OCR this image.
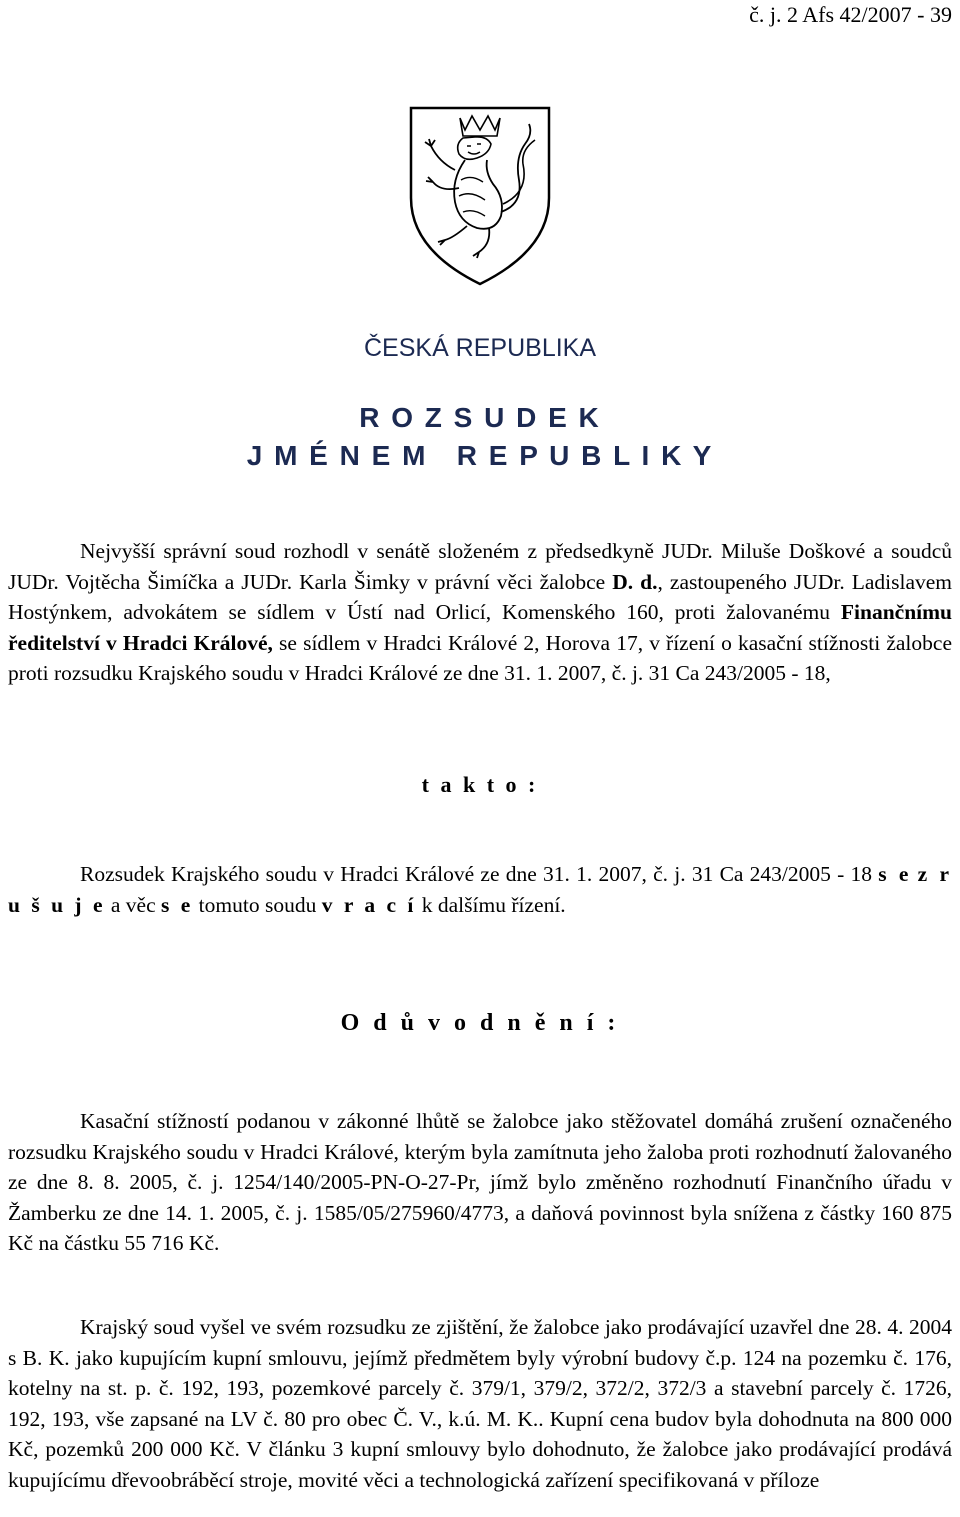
č. j. 2 Afs 42/2007 - 39
ČESKÁ REPUBLIKA
R O Z S U D E K
J M É N E M   R E P U B L I K Y

Nejvyšší správní soud rozhodl v senátě složeném z předsedkyně JUDr. Miluše Doškové a soudců JUDr. Vojtěcha Šimíčka a JUDr. Karla Šimky v právní věci žalobce D. d., zastoupeného JUDr. Ladislavem Hostýnkem, advokátem se sídlem v Ústí nad Orlicí, Komenského 160, proti žalovanému Finančnímu ředitelství v Hradci Králové, se sídlem v Hradci Králové 2, Horova 17, v řízení o kasační stížnosti žalobce proti rozsudku Krajského soudu v Hradci Králové ze dne 31. 1. 2007, č. j. 31 Ca 243/2005 - 18,

t a k t o :

Rozsudek Krajského soudu v Hradci Králové ze dne 31. 1. 2007, č. j. 31 Ca 243/2005 - 18 s e z r u š u j e a věc s e tomuto soudu v r a c í k dalšímu řízení.

O d ů v o d n ě n í :

Kasační stížností podanou v zákonné lhůtě se žalobce jako stěžovatel domáhá zrušení označeného rozsudku Krajského soudu v Hradci Králové, kterým byla zamítnuta jeho žaloba proti rozhodnutí žalovaného ze dne 8. 8. 2005, č. j. 1254/140/2005-PN-O-27-Pr, jímž bylo změněno rozhodnutí Finančního úřadu v Žamberku ze dne 14. 1. 2005, č. j. 1585/05/275960/4773, a daňová povinnost byla snížena z částky 160 875 Kč na částku 55 716 Kč.

Krajský soud vyšel ve svém rozsudku ze zjištění, že žalobce jako prodávající uzavřel dne 28. 4. 2004 s B. K. jako kupujícím kupní smlouvu, jejímž předmětem byly výrobní budovy č.p. 124 na pozemku č. 176, kotelny na st. p. č. 192, 193, pozemkové parcely č. 379/1, 379/2, 372/2, 372/3 a stavební parcely č. 1726, 192, 193, vše zapsané na LV č. 80 pro obec Č. V., k.ú. M. K.. Kupní cena budov byla dohodnuta na 800 000 Kč, pozemků 200 000 Kč. V článku 3 kupní smlouvy bylo dohodnuto, že žalobce jako prodávající prodává kupujícímu dřevoobráběcí stroje, movité věci a technologická zařízení specifikovaná v příloze
